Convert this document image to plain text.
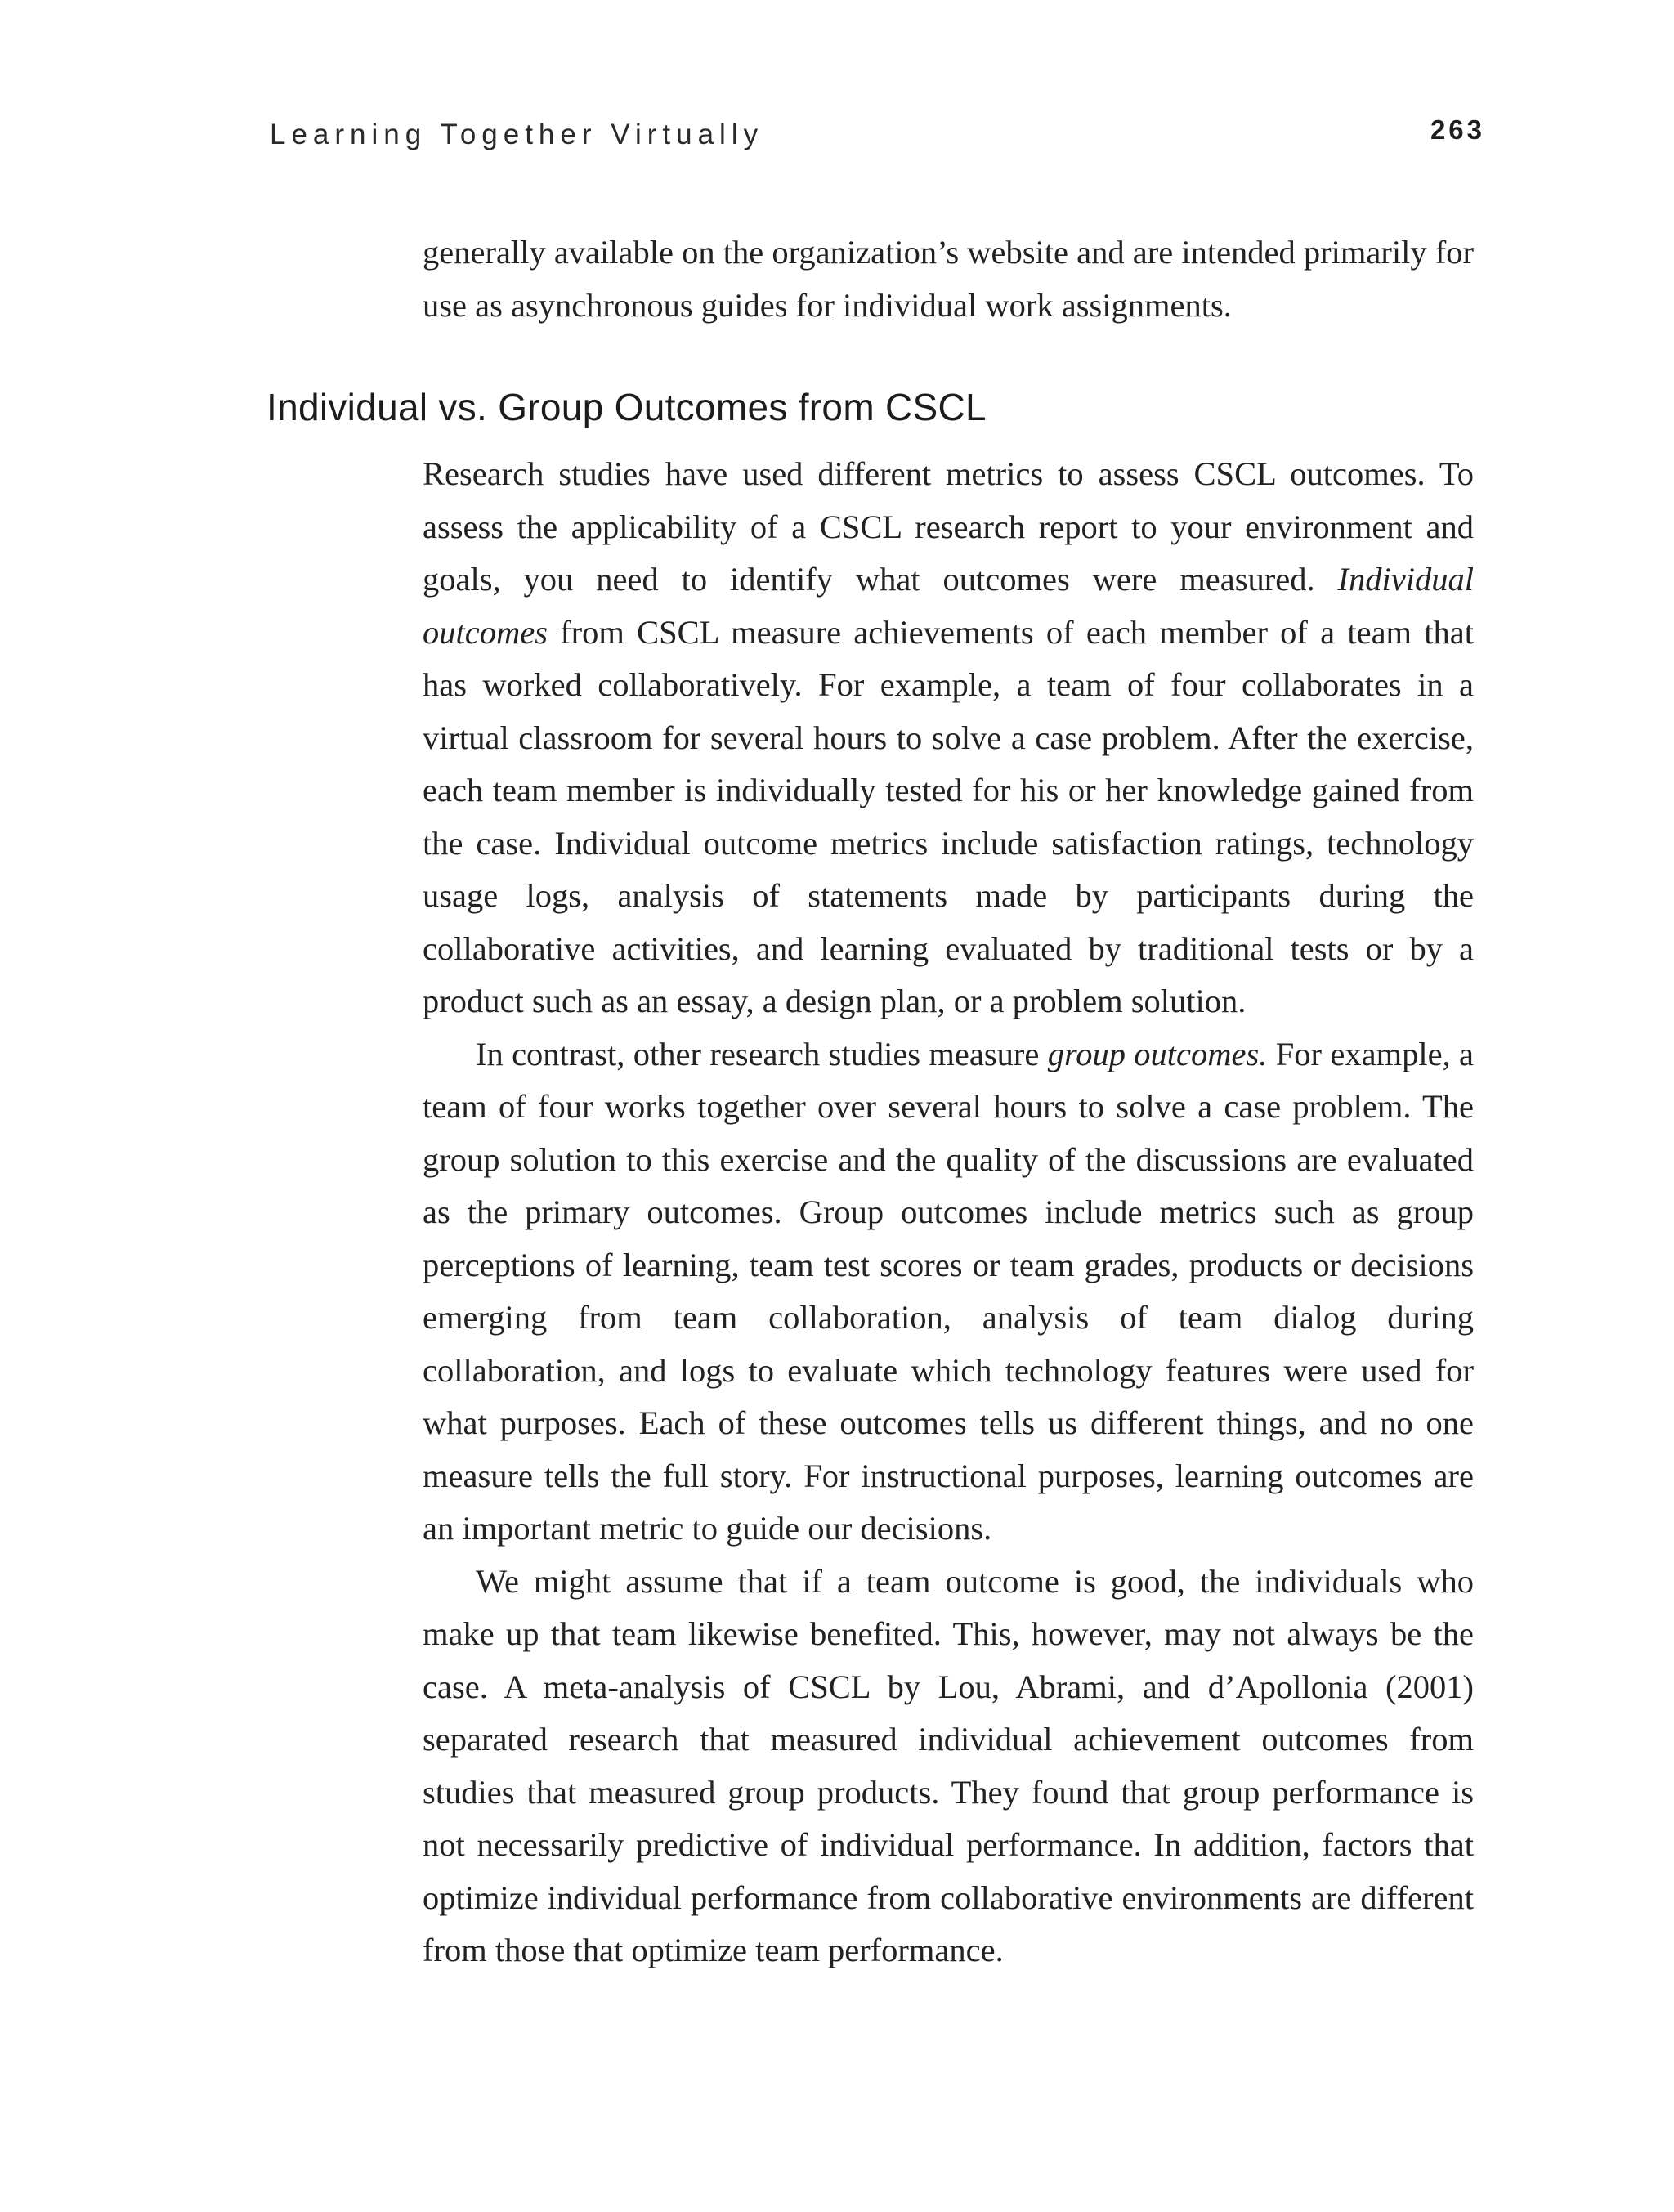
Learning Together Virtually	263

generally available on the organization’s website and are intended primarily for use as asynchronous guides for individual work assignments.

Individual vs. Group Outcomes from CSCL

Research studies have used different metrics to assess CSCL outcomes. To assess the applicability of a CSCL research report to your environment and goals, you need to identify what outcomes were measured. Individual outcomes from CSCL measure achievements of each member of a team that has worked collaboratively. For example, a team of four collaborates in a virtual classroom for several hours to solve a case problem. After the exercise, each team member is individually tested for his or her knowledge gained from the case. Individual outcome metrics include satisfaction ratings, technology usage logs, analysis of statements made by participants during the collaborative activities, and learning evaluated by traditional tests or by a product such as an essay, a design plan, or a problem solution.

In contrast, other research studies measure group outcomes. For example, a team of four works together over several hours to solve a case problem. The group solution to this exercise and the quality of the discussions are evaluated as the primary outcomes. Group outcomes include metrics such as group perceptions of learning, team test scores or team grades, products or decisions emerging from team collaboration, analysis of team dialog during collaboration, and logs to evaluate which technology features were used for what purposes. Each of these outcomes tells us different things, and no one measure tells the full story. For instructional purposes, learning outcomes are an important metric to guide our decisions.

We might assume that if a team outcome is good, the individuals who make up that team likewise benefited. This, however, may not always be the case. A meta-analysis of CSCL by Lou, Abrami, and d’Apollonia (2001) separated research that measured individual achievement outcomes from studies that measured group products. They found that group performance is not necessarily predictive of individual performance. In addition, factors that optimize individual performance from collaborative environments are different from those that optimize team performance.
